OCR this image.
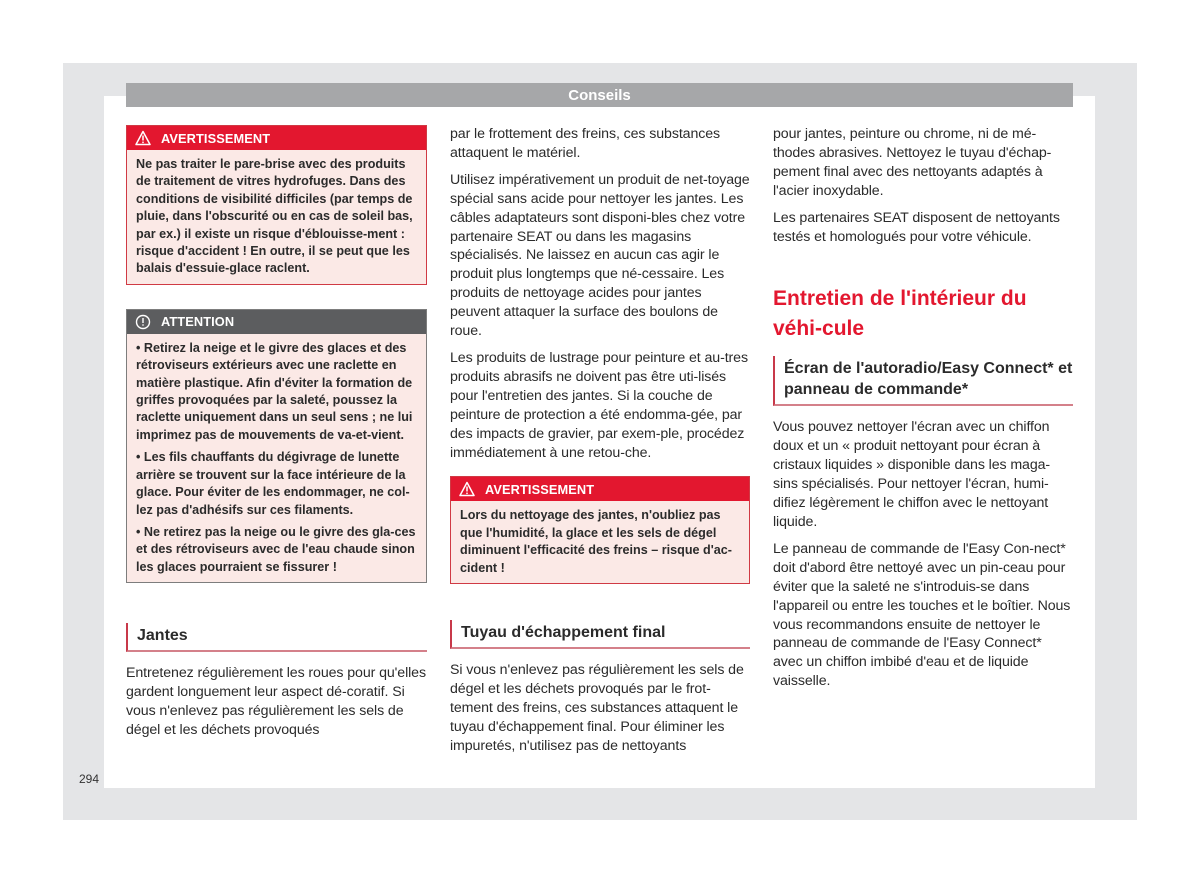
Conseils
AVERTISSEMENT

Ne pas traiter le pare-brise avec des produits de traitement de vitres hydrofuges. Dans des conditions de visibilité difficiles (par temps de pluie, dans l'obscurité ou en cas de soleil bas, par ex.) il existe un risque d'éblouisse-ment : risque d'accident ! En outre, il se peut que les balais d'essuie-glace raclent.

ATTENTION

• Retirez la neige et le givre des glaces et des rétroviseurs extérieurs avec une raclette en matière plastique. Afin d'éviter la formation de griffes provoquées par la saleté, poussez la raclette uniquement dans un seul sens ; ne lui imprimez pas de mouvements de va-et-vient.

• Les fils chauffants du dégivrage de lunette arrière se trouvent sur la face intérieure de la glace. Pour éviter de les endommager, ne col-lez pas d'adhésifs sur ces filaments.

• Ne retirez pas la neige ou le givre des gla-ces et des rétroviseurs avec de l'eau chaude sinon les glaces pourraient se fissurer !

Jantes

Entretenez régulièrement les roues pour qu'elles gardent longuement leur aspect dé-coratif. Si vous n'enlevez pas régulièrement les sels de dégel et les déchets provoqués

par le frottement des freins, ces substances attaquent le matériel.

Utilisez impérativement un produit de net-toyage spécial sans acide pour nettoyer les jantes. Les câbles adaptateurs sont disponi-bles chez votre partenaire SEAT ou dans les magasins spécialisés. Ne laissez en aucun cas agir le produit plus longtemps que né-cessaire. Les produits de nettoyage acides pour jantes peuvent attaquer la surface des boulons de roue.

Les produits de lustrage pour peinture et au-tres produits abrasifs ne doivent pas être uti-lisés pour l'entretien des jantes. Si la couche de peinture de protection a été endomma-gée, par des impacts de gravier, par exem-ple, procédez immédiatement à une retou-che.

AVERTISSEMENT

Lors du nettoyage des jantes, n'oubliez pas que l'humidité, la glace et les sels de dégel diminuent l'efficacité des freins – risque d'ac-cident !

Tuyau d'échappement final

Si vous n'enlevez pas régulièrement les sels de dégel et les déchets provoqués par le frot-tement des freins, ces substances attaquent le tuyau d'échappement final. Pour éliminer les impuretés, n'utilisez pas de nettoyants

pour jantes, peinture ou chrome, ni de mé-thodes abrasives. Nettoyez le tuyau d'échap-pement final avec des nettoyants adaptés à l'acier inoxydable.

Les partenaires SEAT disposent de nettoyants testés et homologués pour votre véhicule.

Entretien de l'intérieur du véhi-cule
Écran de l'autoradio/Easy Connect* et panneau de commande*

Vous pouvez nettoyer l'écran avec un chiffon doux et un « produit nettoyant pour écran à cristaux liquides » disponible dans les maga-sins spécialisés. Pour nettoyer l'écran, humi-difiez légèrement le chiffon avec le nettoyant liquide.

Le panneau de commande de l'Easy Con-nect* doit d'abord être nettoyé avec un pin-ceau pour éviter que la saleté ne s'introduis-se dans l'appareil ou entre les touches et le boîtier. Nous vous recommandons ensuite de nettoyer le panneau de commande de l'Easy Connect* avec un chiffon imbibé d'eau et de liquide vaisselle.

294
